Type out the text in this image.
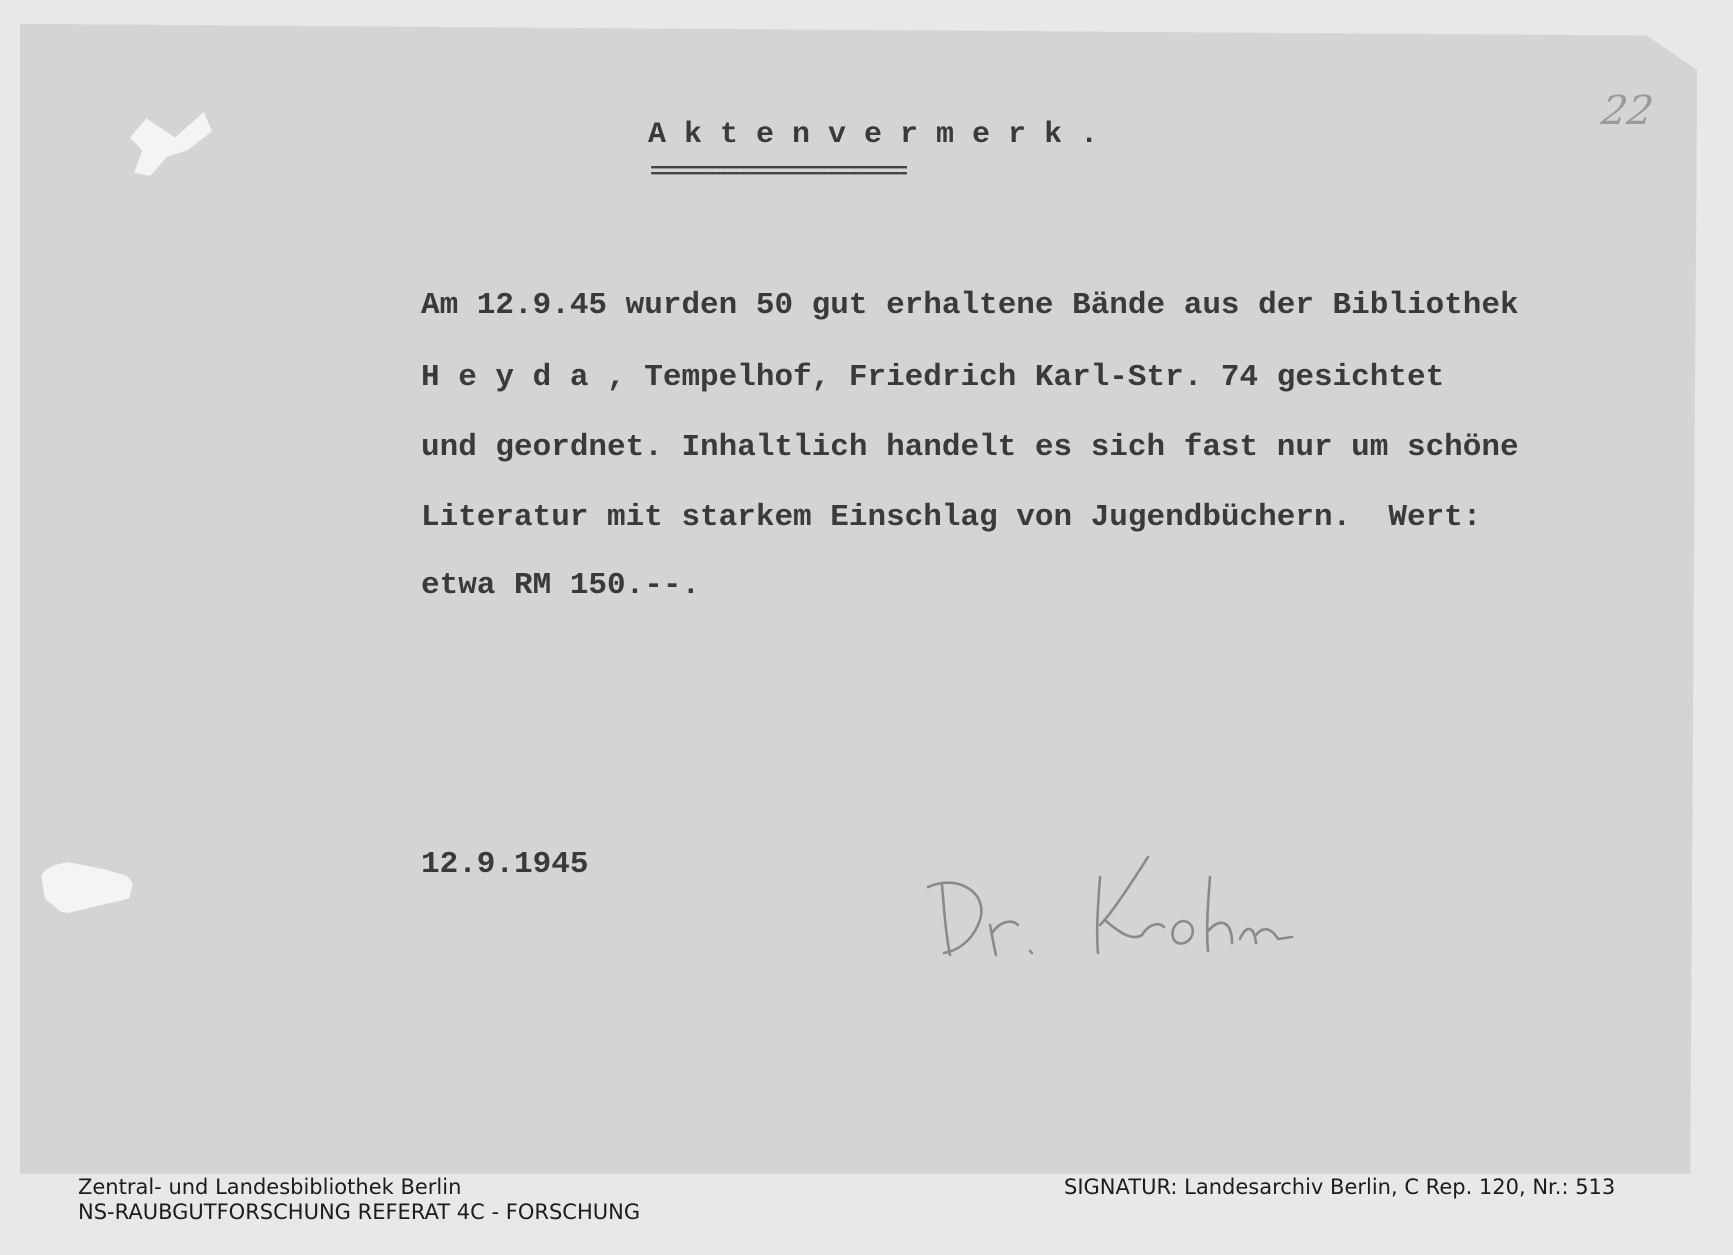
22
A k t e n v e r m e r k .
=========================
Am 12.9.45 wurden 50 gut erhaltene Bände aus der Bibliothek
H e y d a , Tempelhof, Friedrich Karl-Str. 74 gesichtet
und geordnet. Inhaltlich handelt es sich fast nur um schöne
Literatur mit starkem Einschlag von Jugendbüchern.  Wert:
etwa RM 150.--.
12.9.1945
Zentral- und Landesbibliothek Berlin
NS-RAUBGUTFORSCHUNG REFERAT 4C - FORSCHUNG
SIGNATUR: Landesarchiv Berlin, C Rep. 120, Nr.: 513
